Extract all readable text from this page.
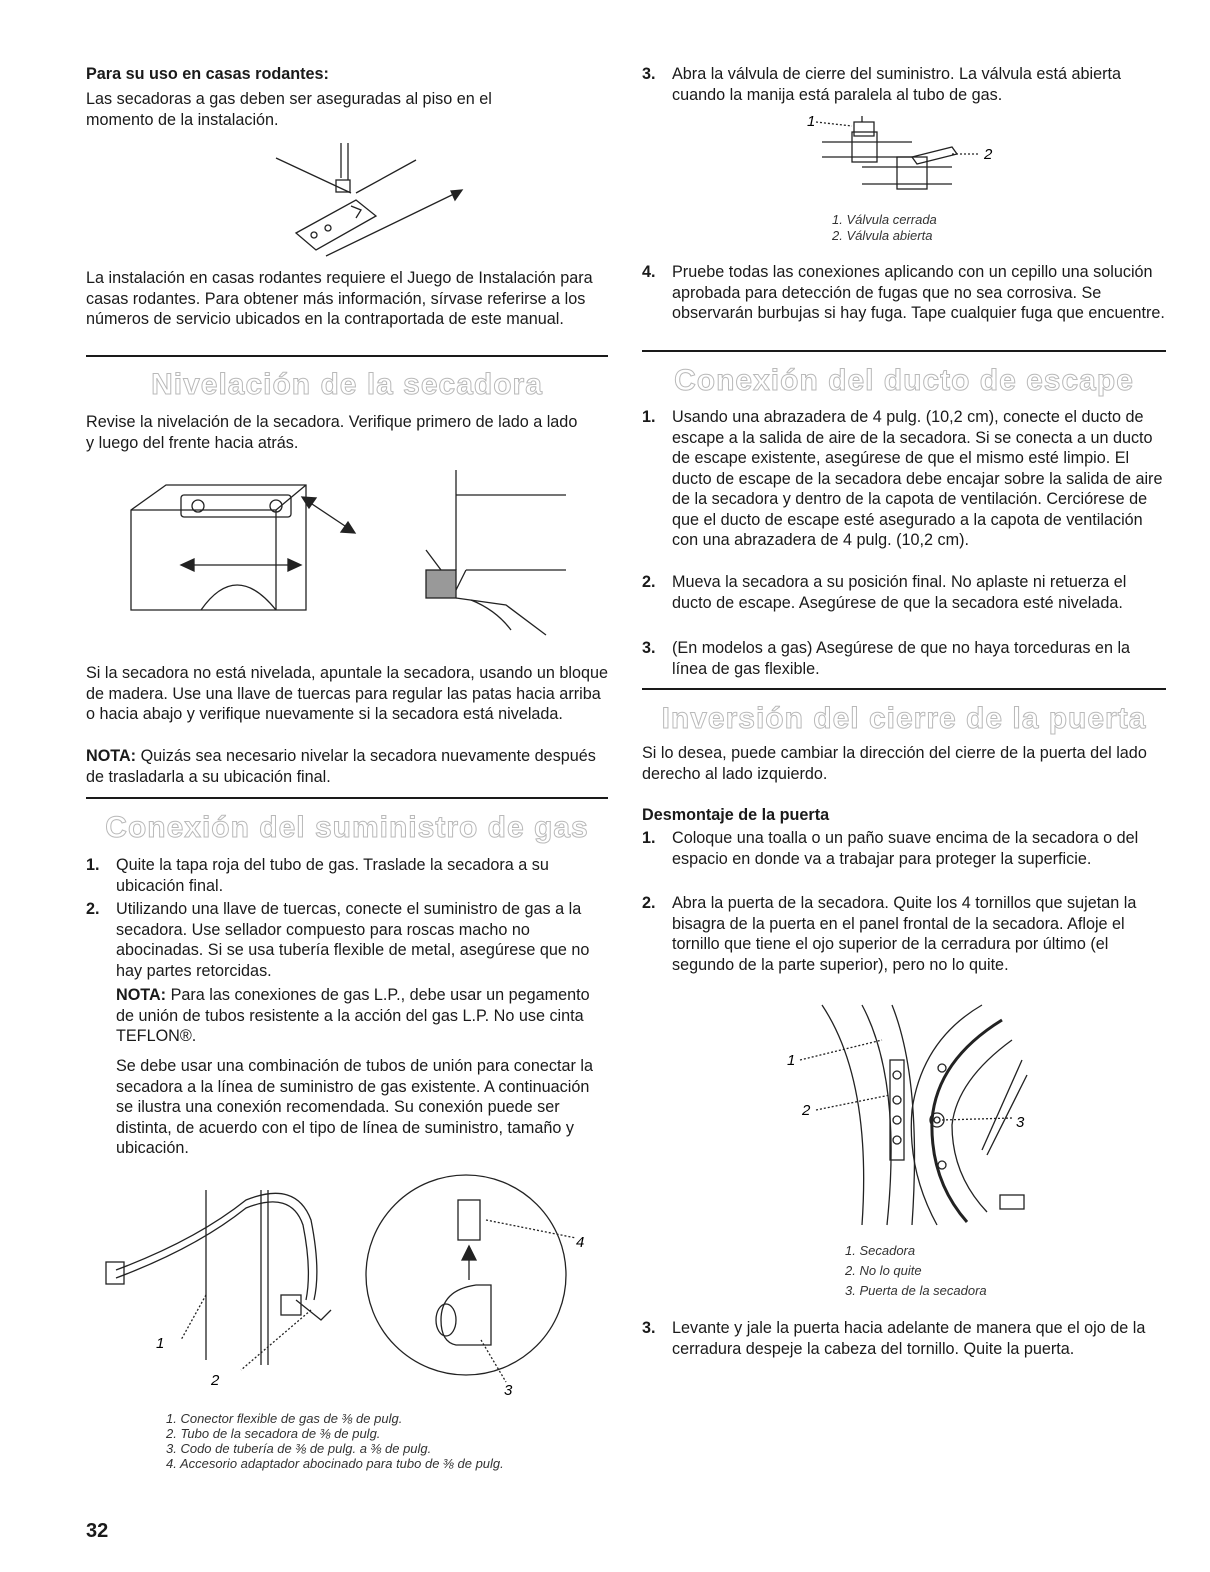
Para su uso en casas rodantes:

Las secadoras a gas deben ser aseguradas al piso en el momento de la instalación.

La instalación en casas rodantes requiere el Juego de Instalación para casas rodantes. Para obtener más información, sírvase referirse a los números de servicio ubicados en la contraportada de este manual.

Nivelación de la secadora

Revise la nivelación de la secadora. Verifique primero de lado a lado y luego del frente hacia atrás.

Si la secadora no está nivelada, apuntale la secadora, usando un bloque de madera. Use una llave de tuercas para regular las patas hacia arriba o hacia abajo y verifique nuevamente si la secadora está nivelada.

NOTA: Quizás sea necesario nivelar la secadora nuevamente después de trasladarla a su ubicación final.

Conexión del suministro de gas
1.	Quite la tapa roja del tubo de gas. Traslade la secadora a su ubicación final.
2.	Utilizando una llave de tuercas, conecte el suministro de gas a la secadora. Use sellador compuesto para roscas macho no abocinadas. Si se usa tubería flexible de metal, asegúrese que no hay partes retorcidas.

NOTA: Para las conexiones de gas L.P., debe usar un pegamento de unión de tubos resistente a la acción del gas L.P. No use cinta TEFLON®.

Se debe usar una combinación de tubos de unión para conectar la secadora a la línea de suministro de gas existente. A continuación se ilustra una conexión recomendada. Su conexión puede ser distinta, de acuerdo con el tipo de línea de suministro, tamaño y ubicación.

1
2
3
4
1. Conector flexible de gas de ⅜ de pulg.
2. Tubo de la secadora de ⅜ de pulg.
3. Codo de tubería de ⅜ de pulg. a ⅜ de pulg.
4. Accesorio adaptador abocinado para tubo de ⅜ de pulg.
32
3.	Abra la válvula de cierre del suministro. La válvula está abierta cuando la manija está paralela al tubo de gas.
1
2
1. Válvula cerrada
2. Válvula abierta
4.	Pruebe todas las conexiones aplicando con un cepillo una solución aprobada para detección de fugas que no sea corrosiva. Se observarán burbujas si hay fuga. Tape cualquier fuga que encuentre.
Conexión del ducto de escape
1.	Usando una abrazadera de 4 pulg. (10,2 cm), conecte el ducto de escape a la salida de aire de la secadora. Si se conecta a un ducto de escape existente, asegúrese de que el mismo esté limpio. El ducto de escape de la secadora debe encajar sobre la salida de aire de la secadora y dentro de la capota de ventilación. Cerciórese de que el ducto de escape esté asegurado a la capota de ventilación con una abrazadera de 4 pulg. (10,2 cm).
2.	Mueva la secadora a su posición final. No aplaste ni retuerza el ducto de escape. Asegúrese de que la secadora esté nivelada.
3.	(En modelos a gas) Asegúrese de que no haya torceduras en la línea de gas flexible.
Inversión del cierre de la puerta

Si lo desea, puede cambiar la dirección del cierre de la puerta del lado derecho al lado izquierdo.

Desmontaje de la puerta

1.	Coloque una toalla o un paño suave encima de la secadora o del espacio en donde va a trabajar para proteger la superficie.
2.	Abra la puerta de la secadora. Quite los 4 tornillos que sujetan la bisagra de la puerta en el panel frontal de la secadora. Afloje el tornillo que tiene el ojo superior de la cerradura por último (el segundo de la parte superior), pero no lo quite.
1
2
3
1. Secadora
2. No lo quite
3. Puerta de la secadora
3.	Levante y jale la puerta hacia adelante de manera que el ojo de la cerradura despeje la cabeza del tornillo. Quite la puerta.
